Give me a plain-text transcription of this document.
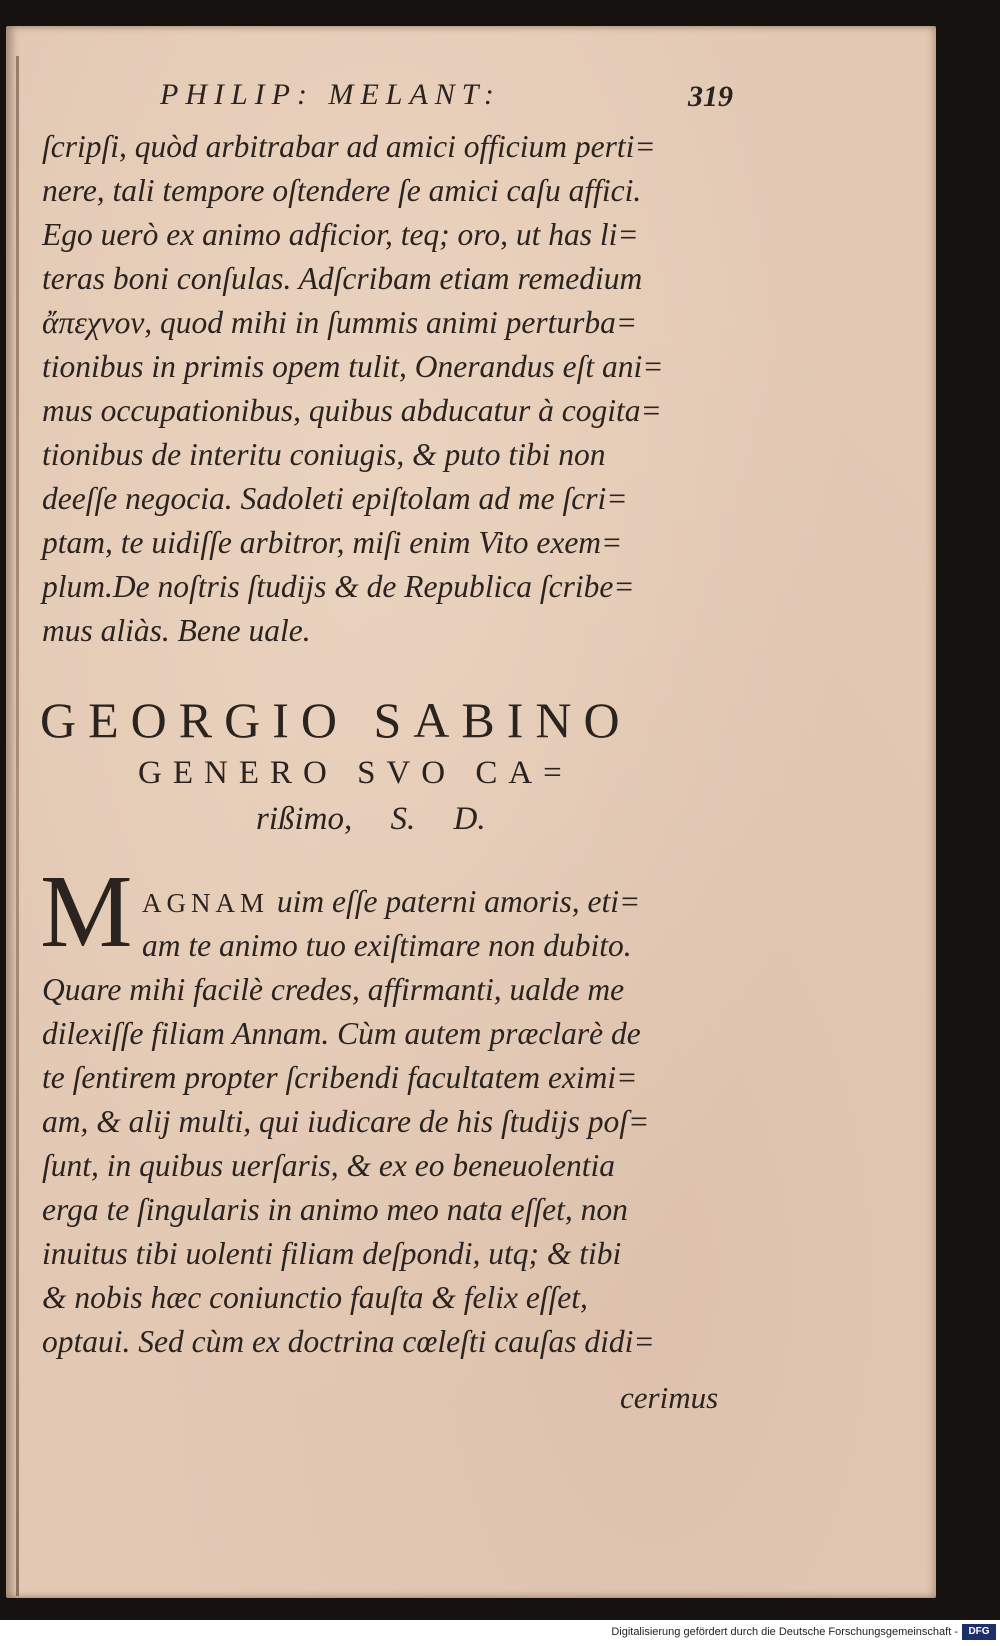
PHILIP: MELANT:	319
ſcripſi, quòd arbitrabar ad amici officium perti=
nere, tali tempore oſtendere ſe amici caſu affici.
Ego uerò ex animo adficior, teq; oro, ut has li=
teras boni conſulas. Adſcribam etiam remedium
ἄπεχνον, quod mihi in ſummis animi perturba=
tionibus in primis opem tulit, Onerandus eſt ani=
mus occupationibus, quibus abducatur à cogita=
tionibus de interitu coniugis, & puto tibi non
deeſſe negocia. Sadoleti epiſtolam ad me ſcri=
ptam, te uidiſſe arbitror, miſi enim Vito exem=
plum.De noſtris ſtudijs & de Republica ſcribe=
mus aliàs. Bene uale.
GEORGIO SABINO
GENERO SVO CA=
rißimo, S. D.
M AGNAM uim eſſe paterni amoris, eti=
am te animo tuo exiſtimare non dubito.
Quare mihi facilè credes, affirmanti, ualde me
dilexiſſe filiam Annam. Cùm autem præclarè de
te ſentirem propter ſcribendi facultatem eximi=
am, & alij multi, qui iudicare de his ſtudijs poſ=
ſunt, in quibus uerſaris, & ex eo beneuolentia
erga te ſingularis in animo meo nata eſſet, non
inuitus tibi uolenti filiam deſpondi, utq; & tibi
& nobis hæc coniunctio fauſta & felix eſſet,
optaui. Sed cùm ex doctrina cœleſti cauſas didi=
cerimus
Digitalisierung gefördert durch die Deutsche Forschungsgemeinschaft -	DFG
